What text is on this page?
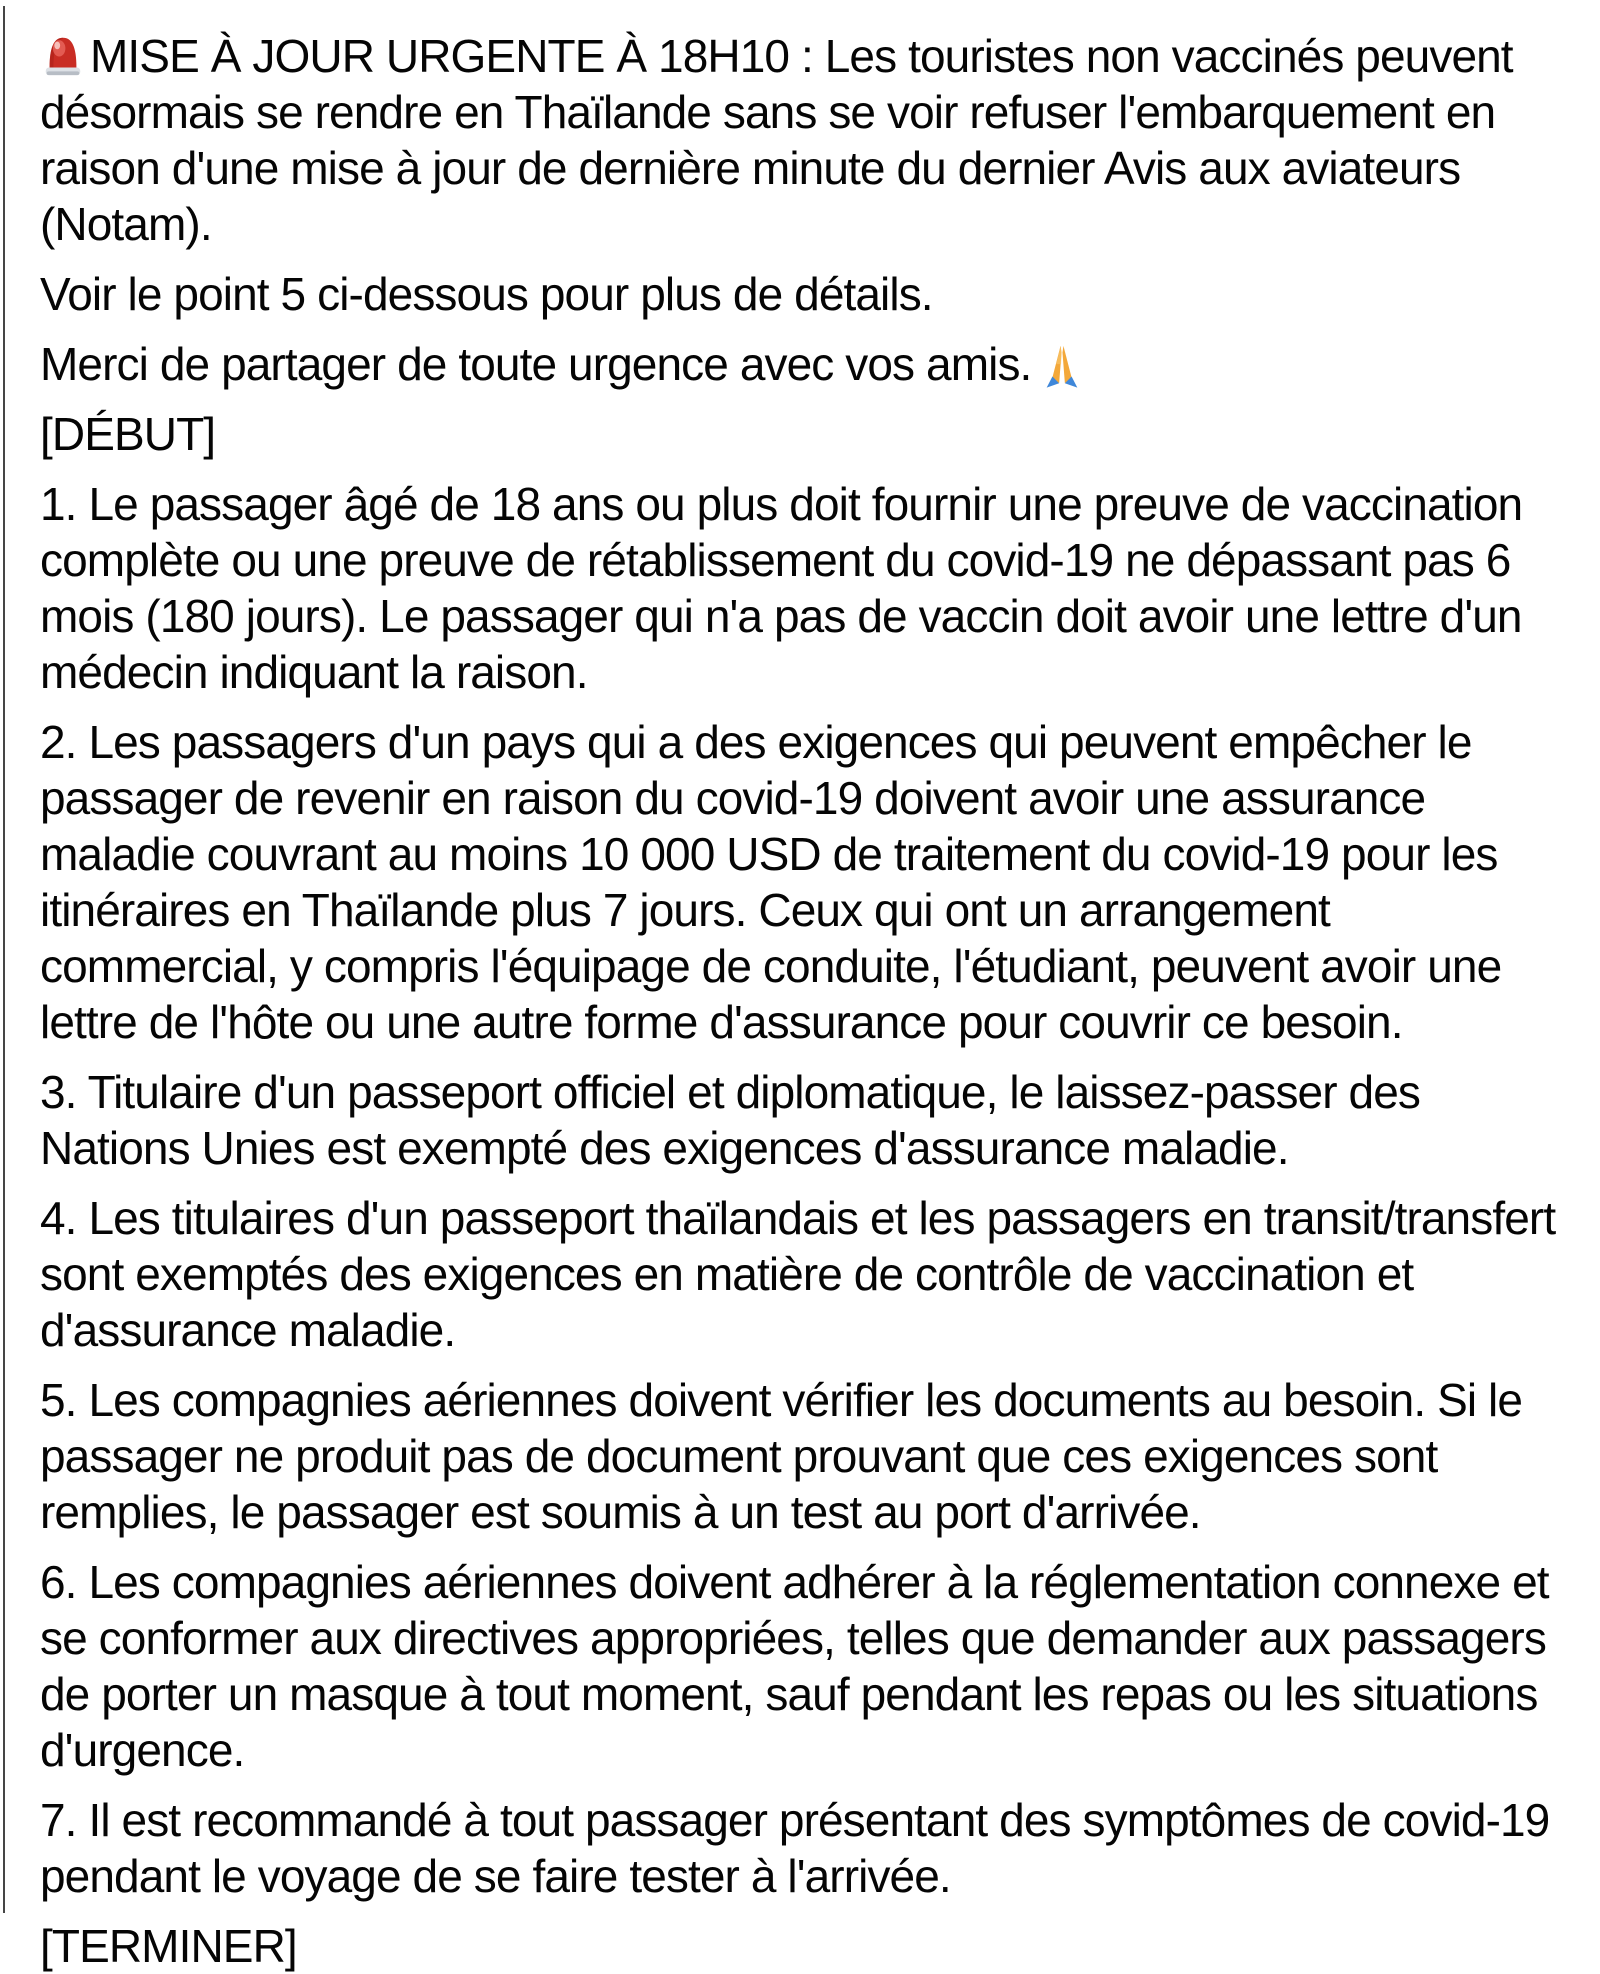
MISE À JOUR URGENTE À 18H10 : Les touristes non vaccinés peuvent désormais se rendre en Thaïlande sans se voir refuser l'embarquement en raison d'une mise à jour de dernière minute du dernier Avis aux aviateurs (Notam).

Voir le point 5 ci-dessous pour plus de détails.

Merci de partager de toute urgence avec vos amis.

[DÉBUT]

1. Le passager âgé de 18 ans ou plus doit fournir une preuve de vaccination complète ou une preuve de rétablissement du covid-19 ne dépassant pas 6 mois (180 jours). Le passager qui n'a pas de vaccin doit avoir une lettre d'un médecin indiquant la raison.

2. Les passagers d'un pays qui a des exigences qui peuvent empêcher le passager de revenir en raison du covid-19 doivent avoir une assurance maladie couvrant au moins 10 000 USD de traitement du covid-19 pour les itinéraires en Thaïlande plus 7 jours. Ceux qui ont un arrangement commercial, y compris l'équipage de conduite, l'étudiant, peuvent avoir une lettre de l'hôte ou une autre forme d'assurance pour couvrir ce besoin.

3. Titulaire d'un passeport officiel et diplomatique, le laissez-passer des Nations Unies est exempté des exigences d'assurance maladie.

4. Les titulaires d'un passeport thaïlandais et les passagers en transit/transfert sont exemptés des exigences en matière de contrôle de vaccination et d'assurance maladie.

5. Les compagnies aériennes doivent vérifier les documents au besoin. Si le passager ne produit pas de document prouvant que ces exigences sont remplies, le passager est soumis à un test au port d'arrivée.

6. Les compagnies aériennes doivent adhérer à la réglementation connexe et se conformer aux directives appropriées, telles que demander aux passagers de porter un masque à tout moment, sauf pendant les repas ou les situations d'urgence.

7. Il est recommandé à tout passager présentant des symptômes de covid-19 pendant le voyage de se faire tester à l'arrivée.

[TERMINER]
